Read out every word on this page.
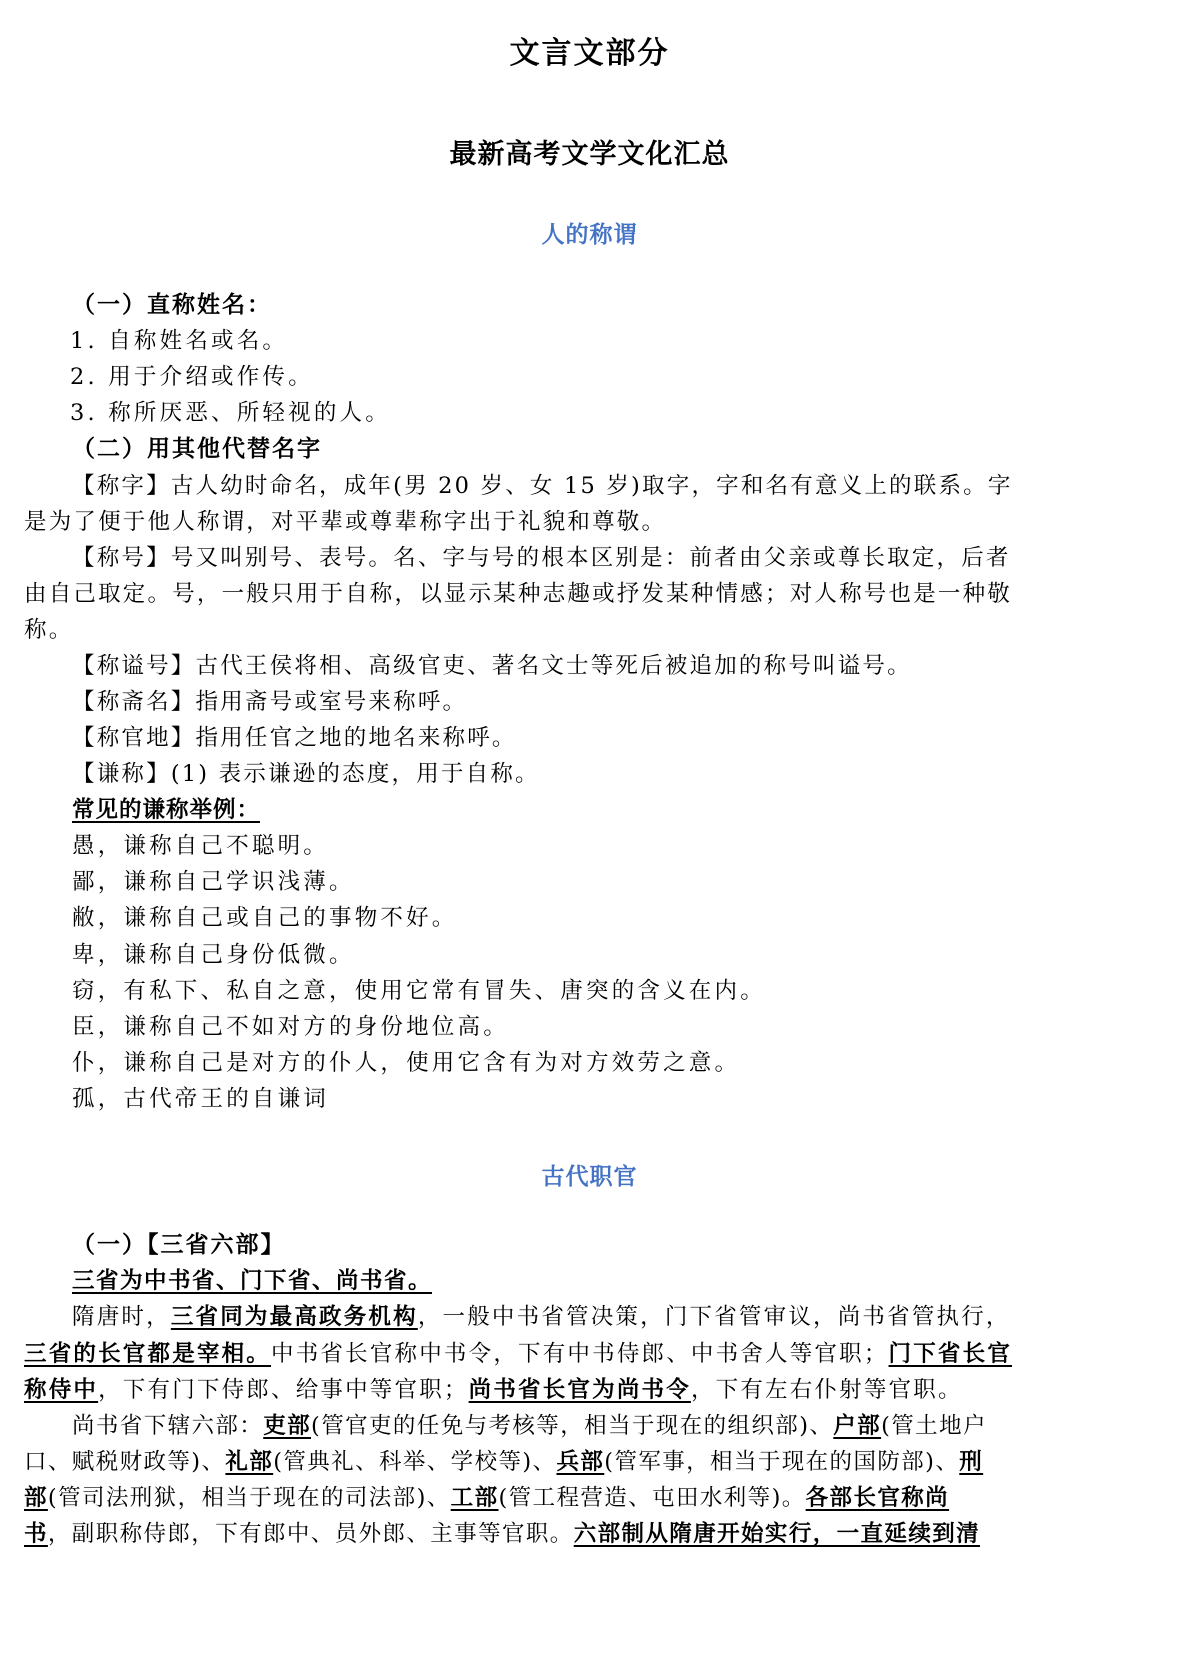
文言文部分
最新高考文学文化汇总
人的称谓
（一）直称姓名：
1. 自称姓名或名。
2. 用于介绍或作传。
3. 称所厌恶、所轻视的人。
（二）用其他代替名字
【称字】古人幼时命名，成年(男 20 岁、女 15 岁)取字，字和名有意义上的联系。字
是为了便于他人称谓，对平辈或尊辈称字出于礼貌和尊敬。
【称号】号又叫别号、表号。名、字与号的根本区别是：前者由父亲或尊长取定，后者
由自己取定。号，一般只用于自称，以显示某种志趣或抒发某种情感；对人称号也是一种敬
称。
【称谥号】古代王侯将相、高级官吏、著名文士等死后被追加的称号叫谥号。
【称斋名】指用斋号或室号来称呼。
【称官地】指用任官之地的地名来称呼。
【谦称】(1) 表示谦逊的态度，用于自称。
常见的谦称举例：
愚，谦称自己不聪明。
鄙，谦称自己学识浅薄。
敝，谦称自己或自己的事物不好。
卑，谦称自己身份低微。
窃，有私下、私自之意，使用它常有冒失、唐突的含义在内。
臣，谦称自己不如对方的身份地位高。
仆，谦称自己是对方的仆人，使用它含有为对方效劳之意。
孤，古代帝王的自谦词
古代职官
（一）【三省六部】
三省为中书省、门下省、尚书省。
隋唐时，三省同为最高政务机构，一般中书省管决策，门下省管审议，尚书省管执行，
三省的长官都是宰相。中书省长官称中书令，下有中书侍郎、中书舍人等官职；门下省长官
称侍中，下有门下侍郎、给事中等官职；尚书省长官为尚书令，下有左右仆射等官职。
尚书省下辖六部：吏部(管官吏的任免与考核等，相当于现在的组织部)、户部(管土地户
口、赋税财政等)、礼部(管典礼、科举、学校等)、兵部(管军事，相当于现在的国防部)、刑
部(管司法刑狱，相当于现在的司法部)、工部(管工程营造、屯田水利等)。各部长官称尚
书，副职称侍郎，下有郎中、员外郎、主事等官职。六部制从隋唐开始实行，一直延续到清
